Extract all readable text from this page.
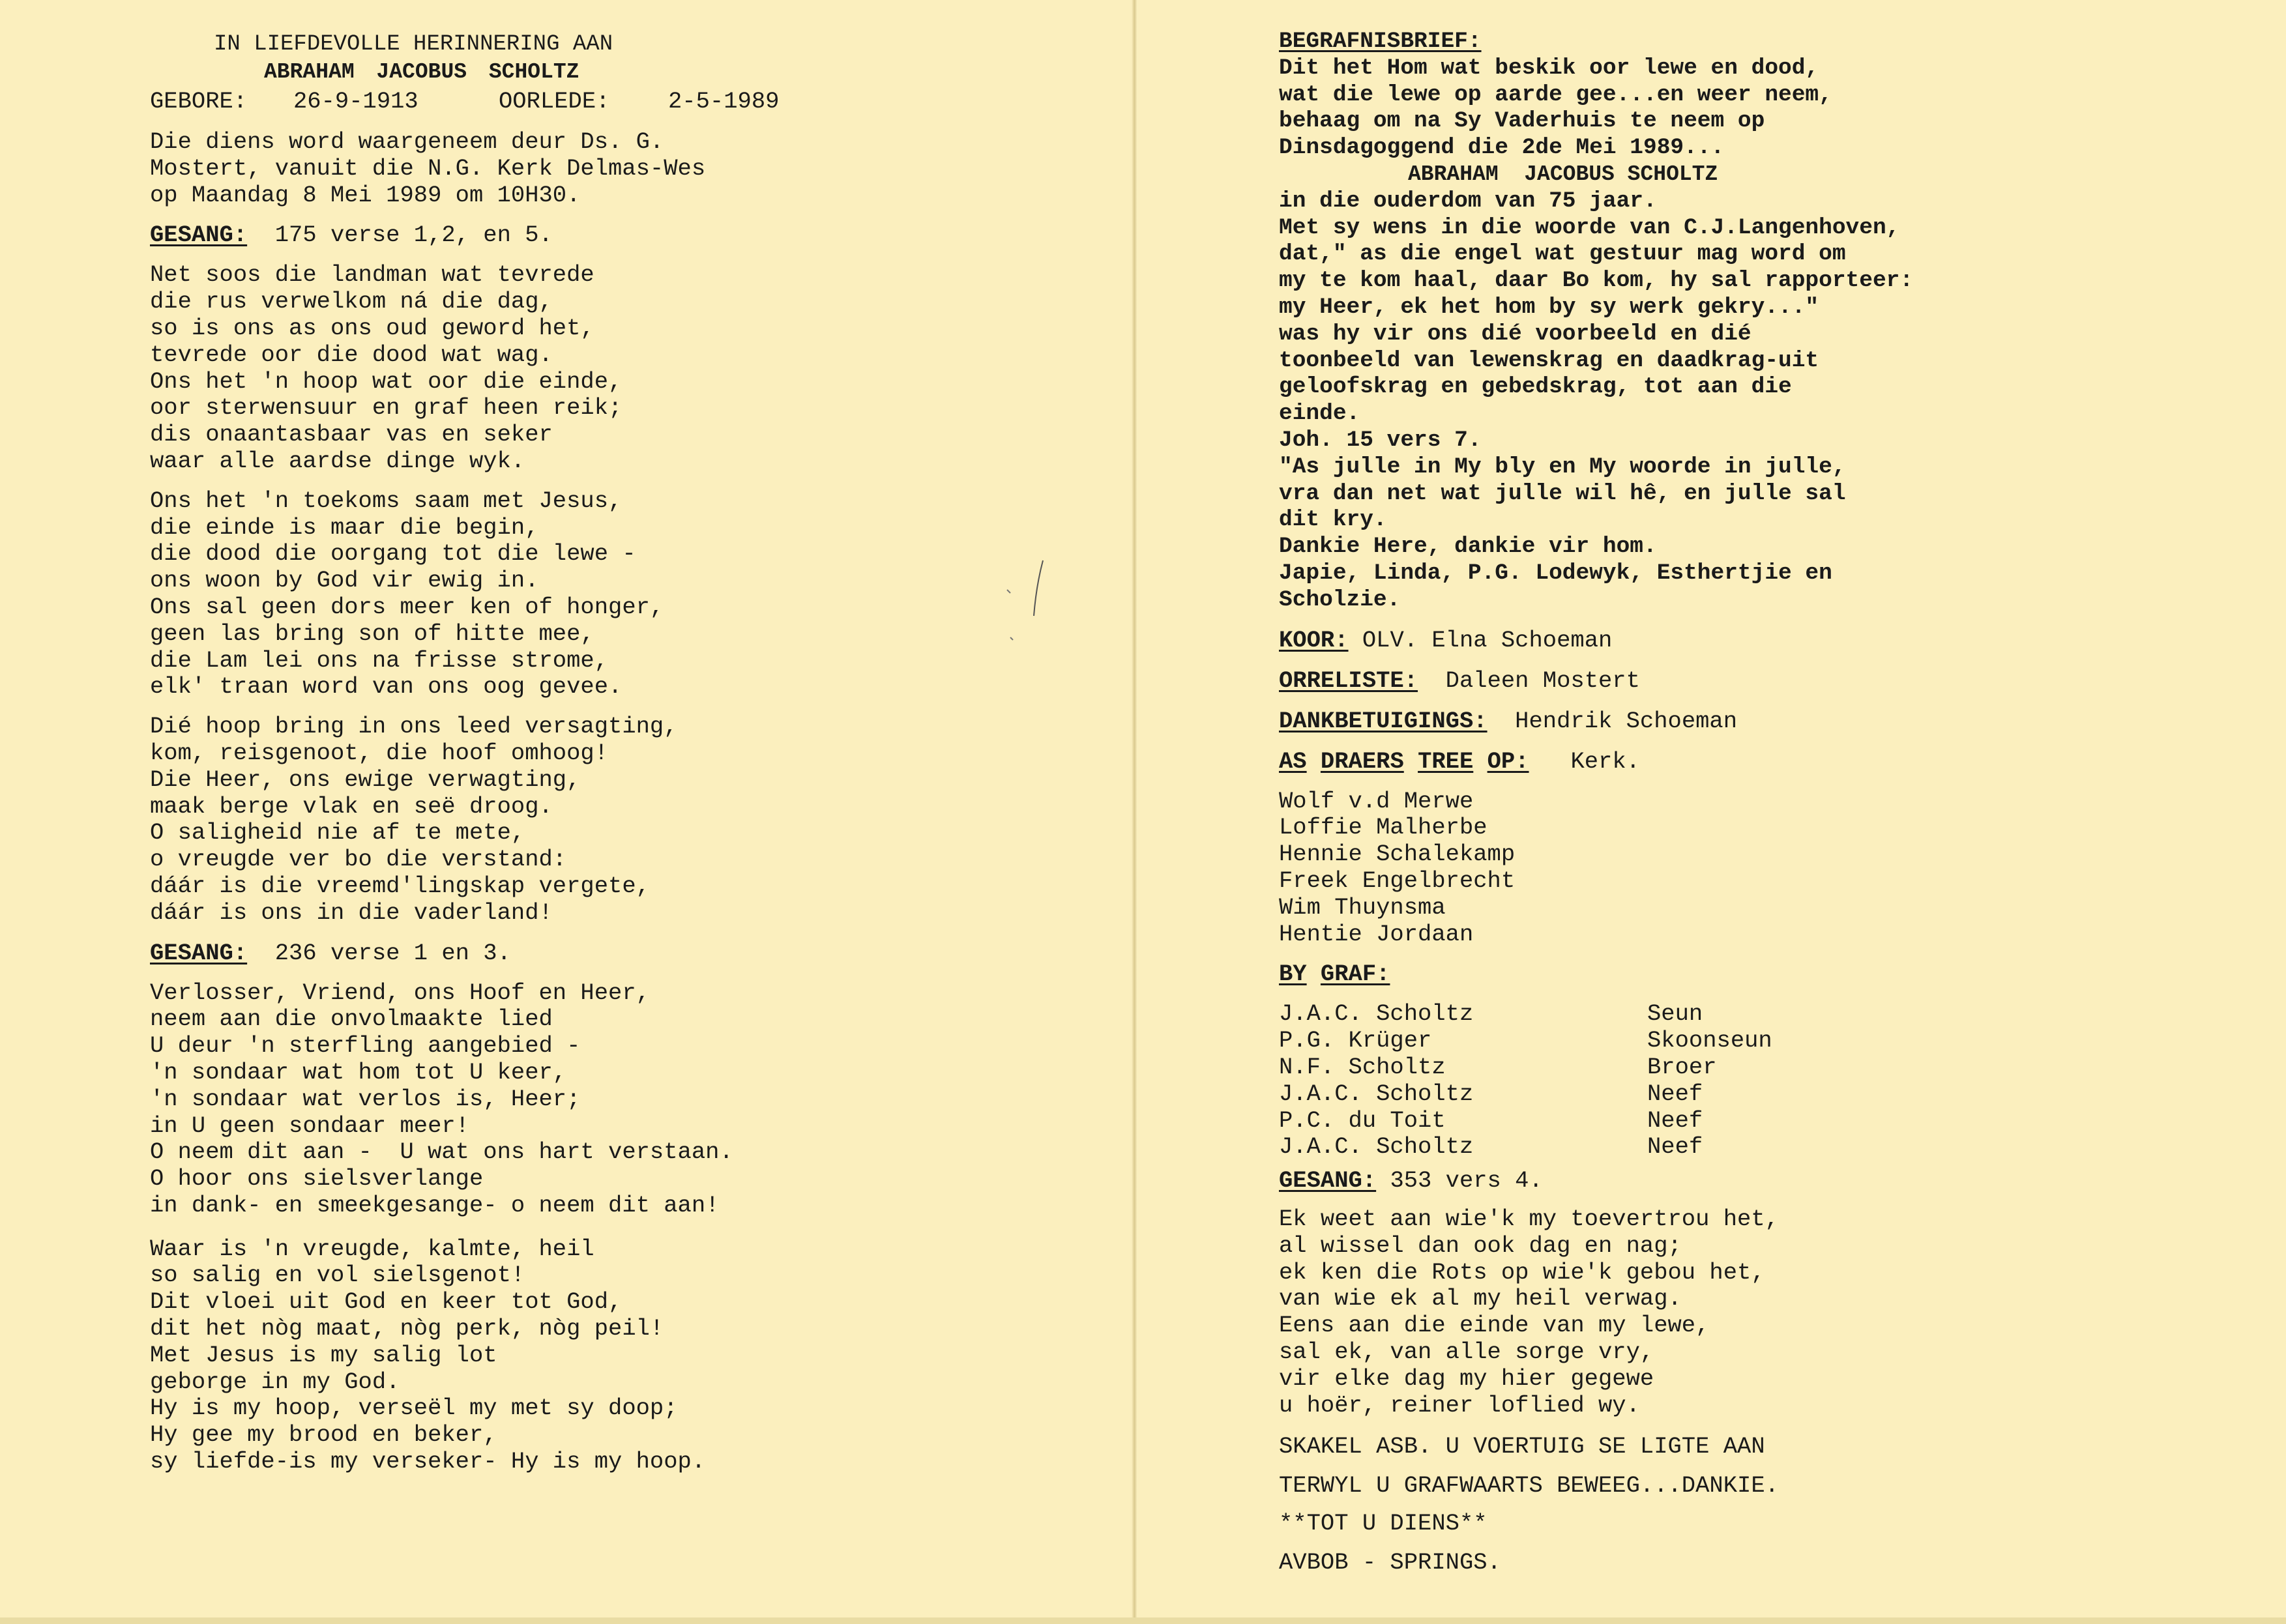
IN LIEFDEVOLLE HERINNERING AAN
ABRAHAM JACOBUS SCHOLTZ
GEBORE:	26-9-1913	OORLEDE:	2-5-1989

Die diens word waargeneem deur Ds. G.

Mostert, vanuit die N.G. Kerk Delmas-Wes

op Maandag 8 Mei 1989 om 10H30.

GESANG: 175 verse 1,2, en 5.

Net soos die landman wat tevrede

die rus verwelkom ná die dag,

so is ons as ons oud geword het,

tevrede oor die dood wat wag.

Ons het 'n hoop wat oor die einde,

oor sterwensuur en graf heen reik;

dis onaantasbaar vas en seker

waar alle aardse dinge wyk.

Ons het 'n toekoms saam met Jesus,

die einde is maar die begin,

die dood die oorgang tot die lewe -

ons woon by God vir ewig in.

Ons sal geen dors meer ken of honger,

geen las bring son of hitte mee,

die Lam lei ons na frisse strome,

elk' traan word van ons oog gevee.

Dié hoop bring in ons leed versagting,

kom, reisgenoot, die hoof omhoog!

Die Heer, ons ewige verwagting,

maak berge vlak en seë droog.

O saligheid nie af te mete,

o vreugde ver bo die verstand:

dáár is die vreemd'lingskap vergete,

dáár is ons in die vaderland!

GESANG: 236 verse 1 en 3.

Verlosser, Vriend, ons Hoof en Heer,

neem aan die onvolmaakte lied

U deur 'n sterfling aangebied -

'n sondaar wat hom tot U keer,

'n sondaar wat verlos is, Heer;

in U geen sondaar meer!

O neem dit aan -  U wat ons hart verstaan.

O hoor ons sielsverlange

in dank- en smeekgesange- o neem dit aan!

Waar is 'n vreugde, kalmte, heil

so salig en vol sielsgenot!

Dit vloei uit God en keer tot God,

dit het nòg maat, nòg perk, nòg peil!

Met Jesus is my salig lot

geborge in my God.

Hy is my hoop, verseël my met sy doop;

Hy gee my brood en beker,

sy liefde-is my verseker- Hy is my hoop.

BEGRAFNISBRIEF:

Dit het Hom wat beskik oor lewe en dood,

wat die lewe op aarde gee...en weer neem,

behaag om na Sy Vaderhuis te neem op

Dinsdagoggend die 2de Mei 1989...

ABRAHAM  JACOBUS SCHOLTZ

in die ouderdom van 75 jaar.

Met sy wens in die woorde van C.J.Langenhoven,

dat," as die engel wat gestuur mag word om

my te kom haal, daar Bo kom, hy sal rapporteer:

my Heer, ek het hom by sy werk gekry..."

was hy vir ons dié voorbeeld en dié

toonbeeld van lewenskrag en daadkrag-uit

geloofskrag en gebedskrag, tot aan die

einde.

Joh. 15 vers 7.

"As julle in My bly en My woorde in julle,

vra dan net wat julle wil hê, en julle sal

dit kry.

Dankie Here, dankie vir hom.

Japie, Linda, P.G. Lodewyk, Esthertjie en

Scholzie.

KOOR: OLV. Elna Schoeman
ORRELISTE: Daleen Mostert
DANKBETUIGINGS: Hendrik Schoeman
AS DRAERS TREE OP: Kerk.

Wolf v.d Merwe

Loffie Malherbe

Hennie Schalekamp

Freek Engelbrecht

Wim Thuynsma

Hentie Jordaan

BY GRAF:
J.A.C. Scholtz	Seun
P.G. Krüger	Skoonseun
N.F. Scholtz	Broer
J.A.C. Scholtz	Neef
P.C. du Toit	Neef
J.A.C. Scholtz	Neef
GESANG: 353 vers 4.

Ek weet aan wie'k my toevertrou het,

al wissel dan ook dag en nag;

ek ken die Rots op wie'k gebou het,

van wie ek al my heil verwag.

Eens aan die einde van my lewe,

sal ek, van alle sorge vry,

vir elke dag my hier gegewe

u hoër, reiner loflied wy.

SKAKEL ASB. U VOERTUIG SE LIGTE AAN
TERWYL U GRAFWAARTS BEWEEG...DANKIE.
**TOT U DIENS**
AVBOB - SPRINGS.
